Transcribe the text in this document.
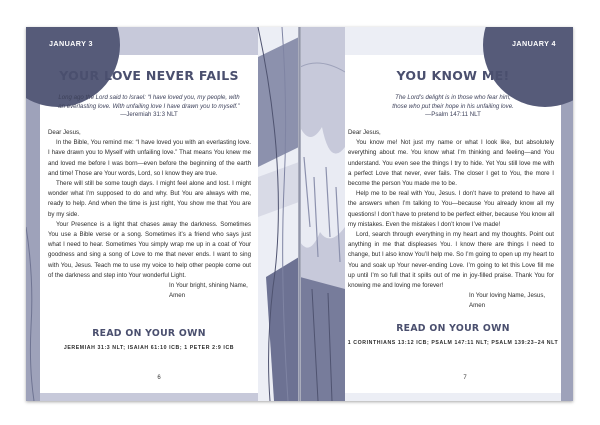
JANUARY 3
YOUR LOVE NEVER FAILS
Long ago the Lord said to Israel: “I have loved you, my people, with
an everlasting love. With unfailing love I have drawn you to myself.”
—Jeremiah 31:3 NLT

Dear Jesus,

In the Bible, You remind me: “I have loved you with an everlasting love. I have drawn you to Myself with unfailing love.” That means You knew me and loved me before I was born—even before the beginning of the earth and time! Those are Your words, Lord, so I know they are true.

There will still be some tough days. I might feel alone and lost. I might wonder what I’m supposed to do and why. But You are always with me, ready to help. And when the time is just right, You show me that You are by my side.

Your Presence is a light that chases away the darkness. Sometimes You use a Bible verse or a song. Sometimes it’s a friend who says just what I need to hear. Sometimes You simply wrap me up in a coat of Your goodness and sing a song of Love to me that never ends. I want to sing with You, Jesus. Teach me to use my voice to help other people come out of the darkness and step into Your wonderful Light.

In Your bright, shining Name,

Amen

READ ON YOUR OWN
JEREMIAH 31:3 NLT; ISAIAH 61:10 ICB; 1 PETER 2:9 ICB
6
JANUARY 4
YOU KNOW ME!
The Lord’s delight is in those who fear him,
those who put their hope in his unfailing love.
—Psalm 147:11 NLT

Dear Jesus,

You know me! Not just my name or what I look like, but absolutely everything about me. You know what I’m thinking and feeling—and You understand. You even see the things I try to hide. Yet You still love me with a perfect Love that never, ever fails. The closer I get to You, the more I become the person You made me to be.

Help me to be real with You, Jesus. I don’t have to pretend to have all the answers when I’m talking to You—because You already know all my questions! I don’t have to pretend to be perfect either, because You know all my mistakes. Even the mistakes I don’t know I’ve made!

Lord, search through everything in my heart and my thoughts. Point out anything in me that displeases You. I know there are things I need to change, but I also know You’ll help me. So I’m going to open up my heart to You and soak up Your never-ending Love. I’m going to let this Love fill me up until I’m so full that it spills out of me in joy-filled praise. Thank You for knowing me and loving me forever!

In Your loving Name, Jesus,

Amen

READ ON YOUR OWN
1 CORINTHIANS 13:12 ICB; PSALM 147:11 NLT; PSALM 139:23–24 NLT
7
